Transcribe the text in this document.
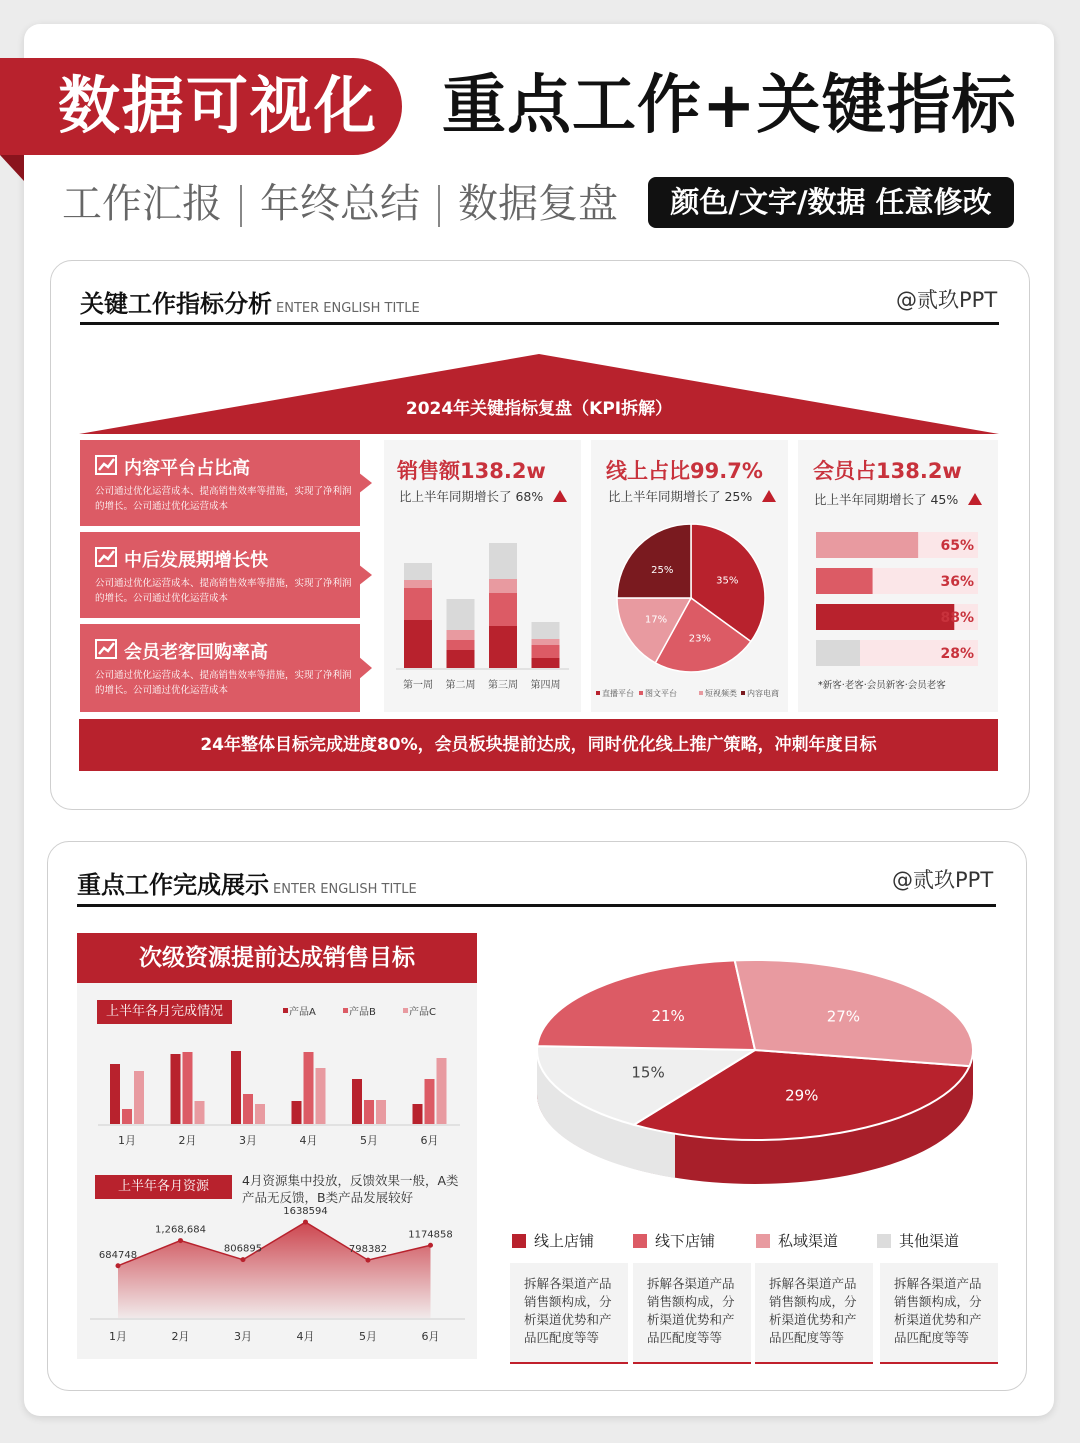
数据可视化 重点工作+关键指标
工作汇报 年终总结 数据复盘	颜色/文字/数据 任意修改
关键工作指标分析 ENTER ENGLISH TITLE	@贰玖PPT
2024年关键指标复盘（KPI拆解）
内容平台占比高
公司通过优化运营成本、提高销售效率等措施，实现了净利润的增长。公司通过优化运营成本
中后发展期增长快
公司通过优化运营成本、提高销售效率等措施，实现了净利润的增长。公司通过优化运营成本
会员老客回购率高
公司通过优化运营成本、提高销售效率等措施，实现了净利润的增长。公司通过优化运营成本
销售额138.2w
比上半年同期增长了 68%
第一周 第二周 第三周 第四周
线上占比99.7%
比上半年同期增长了 25%
35%
23%
17%
25%
直播平台 图文平台	短视频类 内容电商
会员占138.2w
比上半年同期增长了 45%
65%
36%
88%
28%
*新客·老客·会员新客·会员老客
24年整体目标完成进度80%，会员板块提前达成，同时优化线上推广策略，冲刺年度目标
重点工作完成展示 ENTER ENGLISH TITLE	@贰玖PPT
次级资源提前达成销售目标
上半年各月完成情况	产品A	产品B	产品C
1月	2月	3月	4月	5月	6月
上半年各月资源	4月资源集中投放，反馈效果一般，A类产品无反馈，B类产品发展较好
684748
1月
1,268,684
2月
806895
3月
1638594
4月
798382
5月
1174858
6月
29%
15%
21%	27%
线上店铺	线下店铺	私域渠道	其他渠道
拆解各渠道产品销售额构成，分析渠道优势和产品匹配度等等
拆解各渠道产品销售额构成，分析渠道优势和产品匹配度等等
拆解各渠道产品销售额构成，分析渠道优势和产品匹配度等等
拆解各渠道产品销售额构成，分析渠道优势和产品匹配度等等
